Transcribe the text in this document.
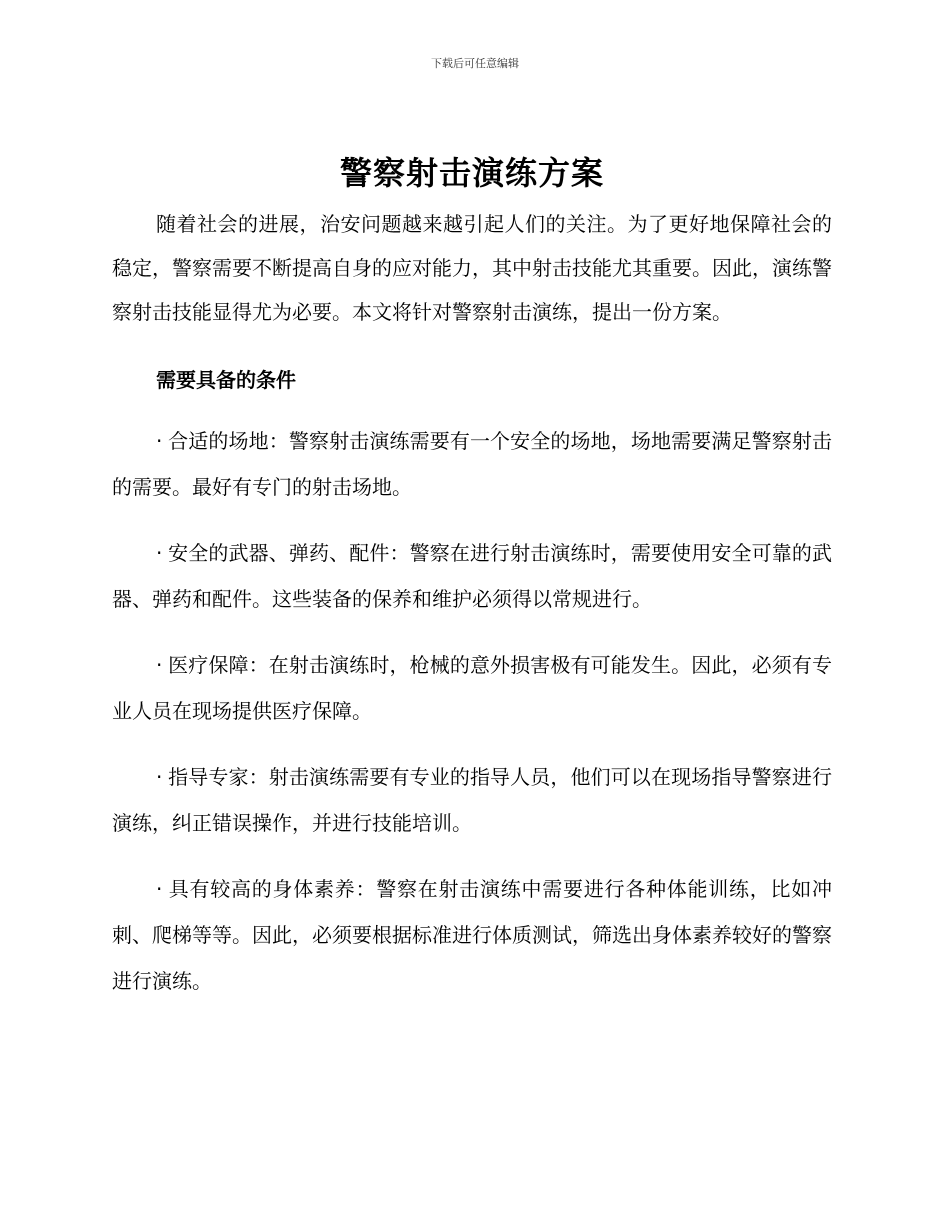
下载后可任意编辑
警察射击演练方案

随着社会的进展，治安问题越来越引起人们的关注。为了更好地保障社会的稳定，警察需要不断提高自身的应对能力，其中射击技能尤其重要。因此，演练警察射击技能显得尤为必要。本文将针对警察射击演练，提出一份方案。

需要具备的条件

· 合适的场地：警察射击演练需要有一个安全的场地，场地需要满足警察射击的需要。最好有专门的射击场地。

· 安全的武器、弹药、配件：警察在进行射击演练时，需要使用安全可靠的武器、弹药和配件。这些装备的保养和维护必须得以常规进行。

· 医疗保障：在射击演练时，枪械的意外损害极有可能发生。因此，必须有专业人员在现场提供医疗保障。

· 指导专家：射击演练需要有专业的指导人员，他们可以在现场指导警察进行演练，纠正错误操作，并进行技能培训。

· 具有较高的身体素养：警察在射击演练中需要进行各种体能训练，比如冲刺、爬梯等等。因此，必须要根据标准进行体质测试，筛选出身体素养较好的警察进行演练。
